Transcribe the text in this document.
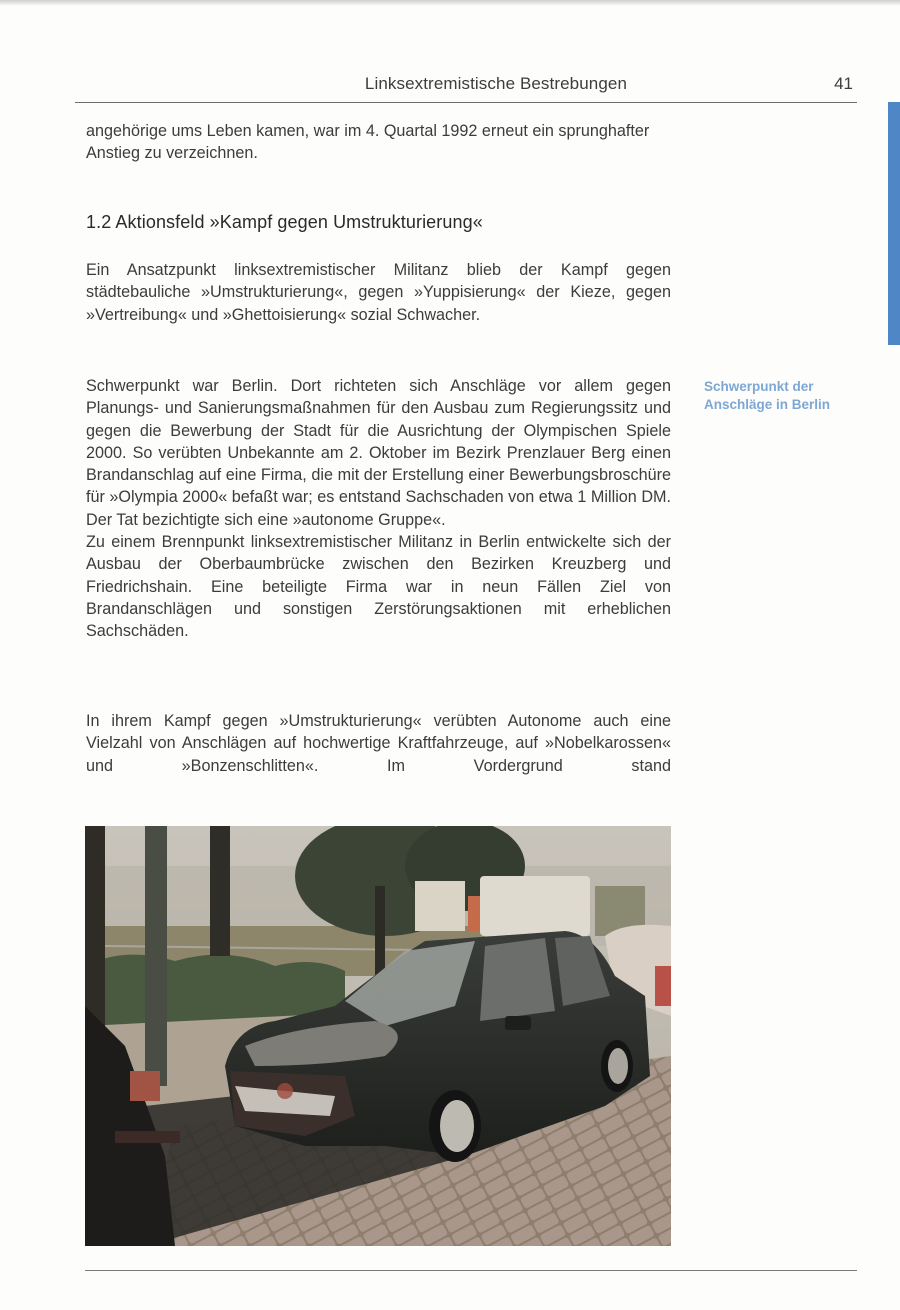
Linksextremistische Bestrebungen	41

angehörige ums Leben kamen, war im 4. Quartal 1992 erneut ein sprunghafter Anstieg zu verzeichnen.

1.2 Aktionsfeld »Kampf gegen Umstrukturierung«

Ein Ansatzpunkt linksextremistischer Militanz blieb der Kampf gegen städtebauliche »Umstrukturierung«, gegen »Yuppisierung« der Kieze, gegen »Vertreibung« und »Ghettoisierung« sozial Schwacher.

Schwerpunkt war Berlin. Dort richteten sich Anschläge vor allem gegen Planungs- und Sanierungsmaßnahmen für den Ausbau zum Regierungssitz und gegen die Bewerbung der Stadt für die Ausrichtung der Olympischen Spiele 2000. So verübten Unbekannte am 2. Oktober im Bezirk Prenzlauer Berg einen Brandanschlag auf eine Firma, die mit der Erstellung einer Bewerbungsbroschüre für »Olympia 2000« befaßt war; es entstand Sachschaden von etwa 1 Million DM. Der Tat bezichtigte sich eine »autonome Gruppe«.

Zu einem Brennpunkt linksextremistischer Militanz in Berlin entwickelte sich der Ausbau der Oberbaumbrücke zwischen den Bezirken Kreuzberg und Friedrichshain. Eine beteiligte Firma war in neun Fällen Ziel von Brandanschlägen und sonstigen Zerstörungsaktionen mit erheblichen Sachschäden.

Schwerpunkt der Anschläge in Berlin

In ihrem Kampf gegen »Umstrukturierung« verübten Autonome auch eine Vielzahl von Anschlägen auf hochwertige Kraftfahrzeuge, auf »Nobelkarossen« und »Bonzenschlitten«. Im Vordergrund stand
